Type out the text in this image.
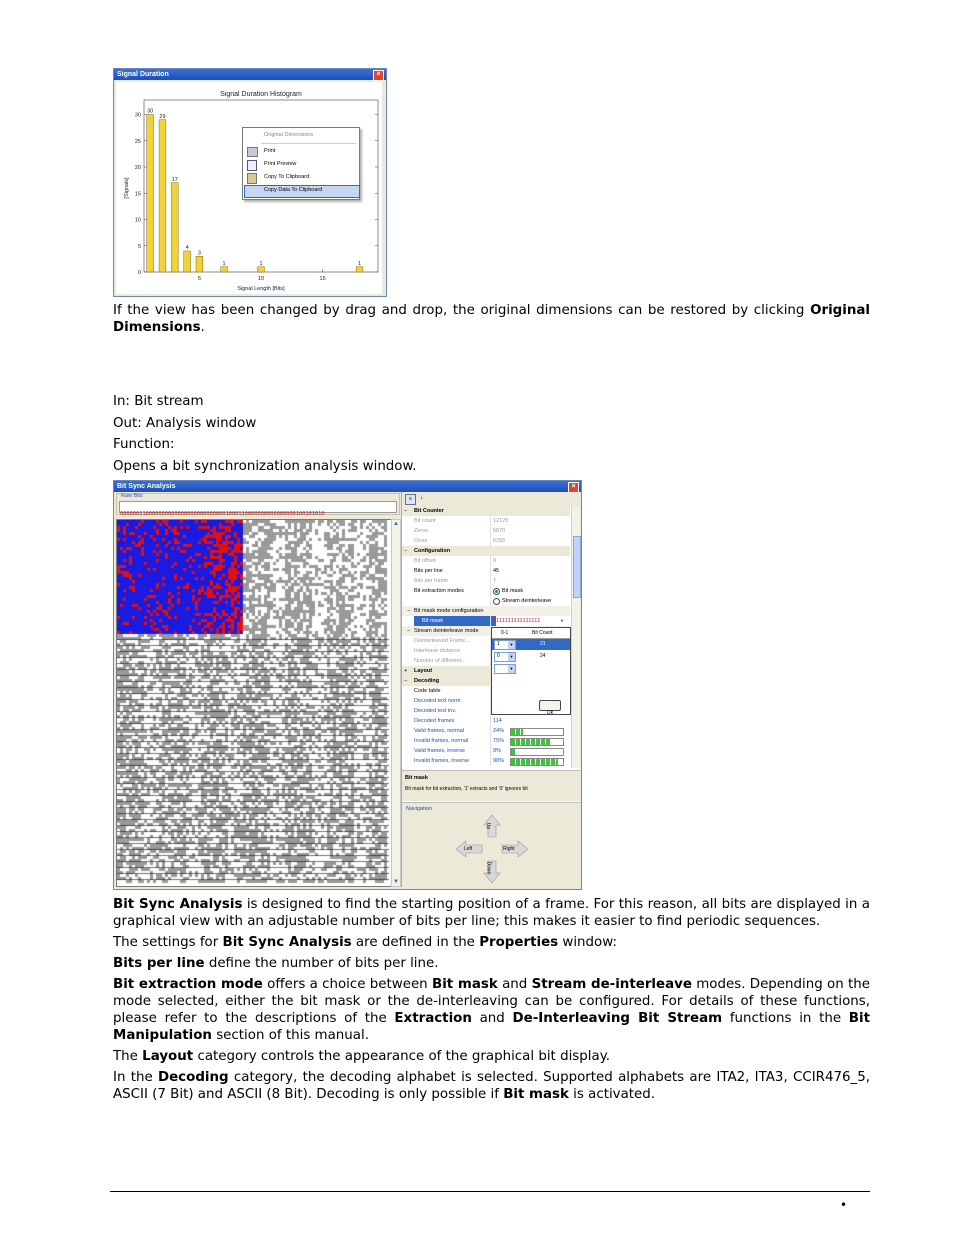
Signal Duration	×
Signal Duration Histogram
Signal Length [Bits]
[Signals]
0
5
10
15
20
25
30
5	10	15
30
29
17
4
3
1	1	1
Original Dimensions
Print
Print Preview
Copy To Clipboard
Copy Data To Clipboard

If the view has been changed by drag and drop, the original dimensions can be restored by clicking Original Dimensions.

In: Bit stream

Out: Analysis window

Function:

Opens a bit synchronization analysis window.

Bit Sync Analysis	×
Raw Bits
0000001100000000000000000000000001000110000000000000000100101010
▲
▼
≡	↓
Bit Counter
−
Bit count	12125
Zeros	5870
Ones	6255
Configuration
−
Bit offset	0
Bits per line	45
Bits per frame	7
Bit extraction modes	Bit mask
Stream deinterleave
Bit mask mode configuration
−
Bit mask	1111111111111111	▼
Stream deinterleave mode
−
Deinterleaved Frame...
Interleave distance
Number of different...
Layout
+
Decoding
−
Code table
Decoded text norm.
Decoded text inv.
Decoded frames	114
Valid frames, normal	24%
Invalid frames, normal	75%
Valid frames, inverse	9%
Invalid frames, inverse	90%
0-1	Bit Count
1	▼	21
0	▼	24
▼
Ok
Bit mask
Bit mask for bit extraction, '1' extracts and '0' ignores bit
Navigation
Up
Down
Left	Right

Bit Sync Analysis is designed to find the starting position of a frame. For this reason, all bits are displayed in a graphical view with an adjustable number of bits per line; this makes it easier to find periodic sequences.

The settings for Bit Sync Analysis are defined in the Properties window:

Bits per line define the number of bits per line.

Bit extraction mode offers a choice between Bit mask and Stream de-interleave modes. Depending on the mode selected, either the bit mask or the de-interleaving can be configured. For details of these functions, please refer to the descriptions of the Extraction and De-Interleaving Bit Stream functions in the Bit Manipulation section of this manual.

The Layout category controls the appearance of the graphical bit display.

In the Decoding category, the decoding alphabet is selected. Supported alphabets are ITA2, ITA3, CCIR476_5, ASCII (7 Bit) and ASCII (8 Bit). Decoding is only possible if Bit mask is activated.

•
